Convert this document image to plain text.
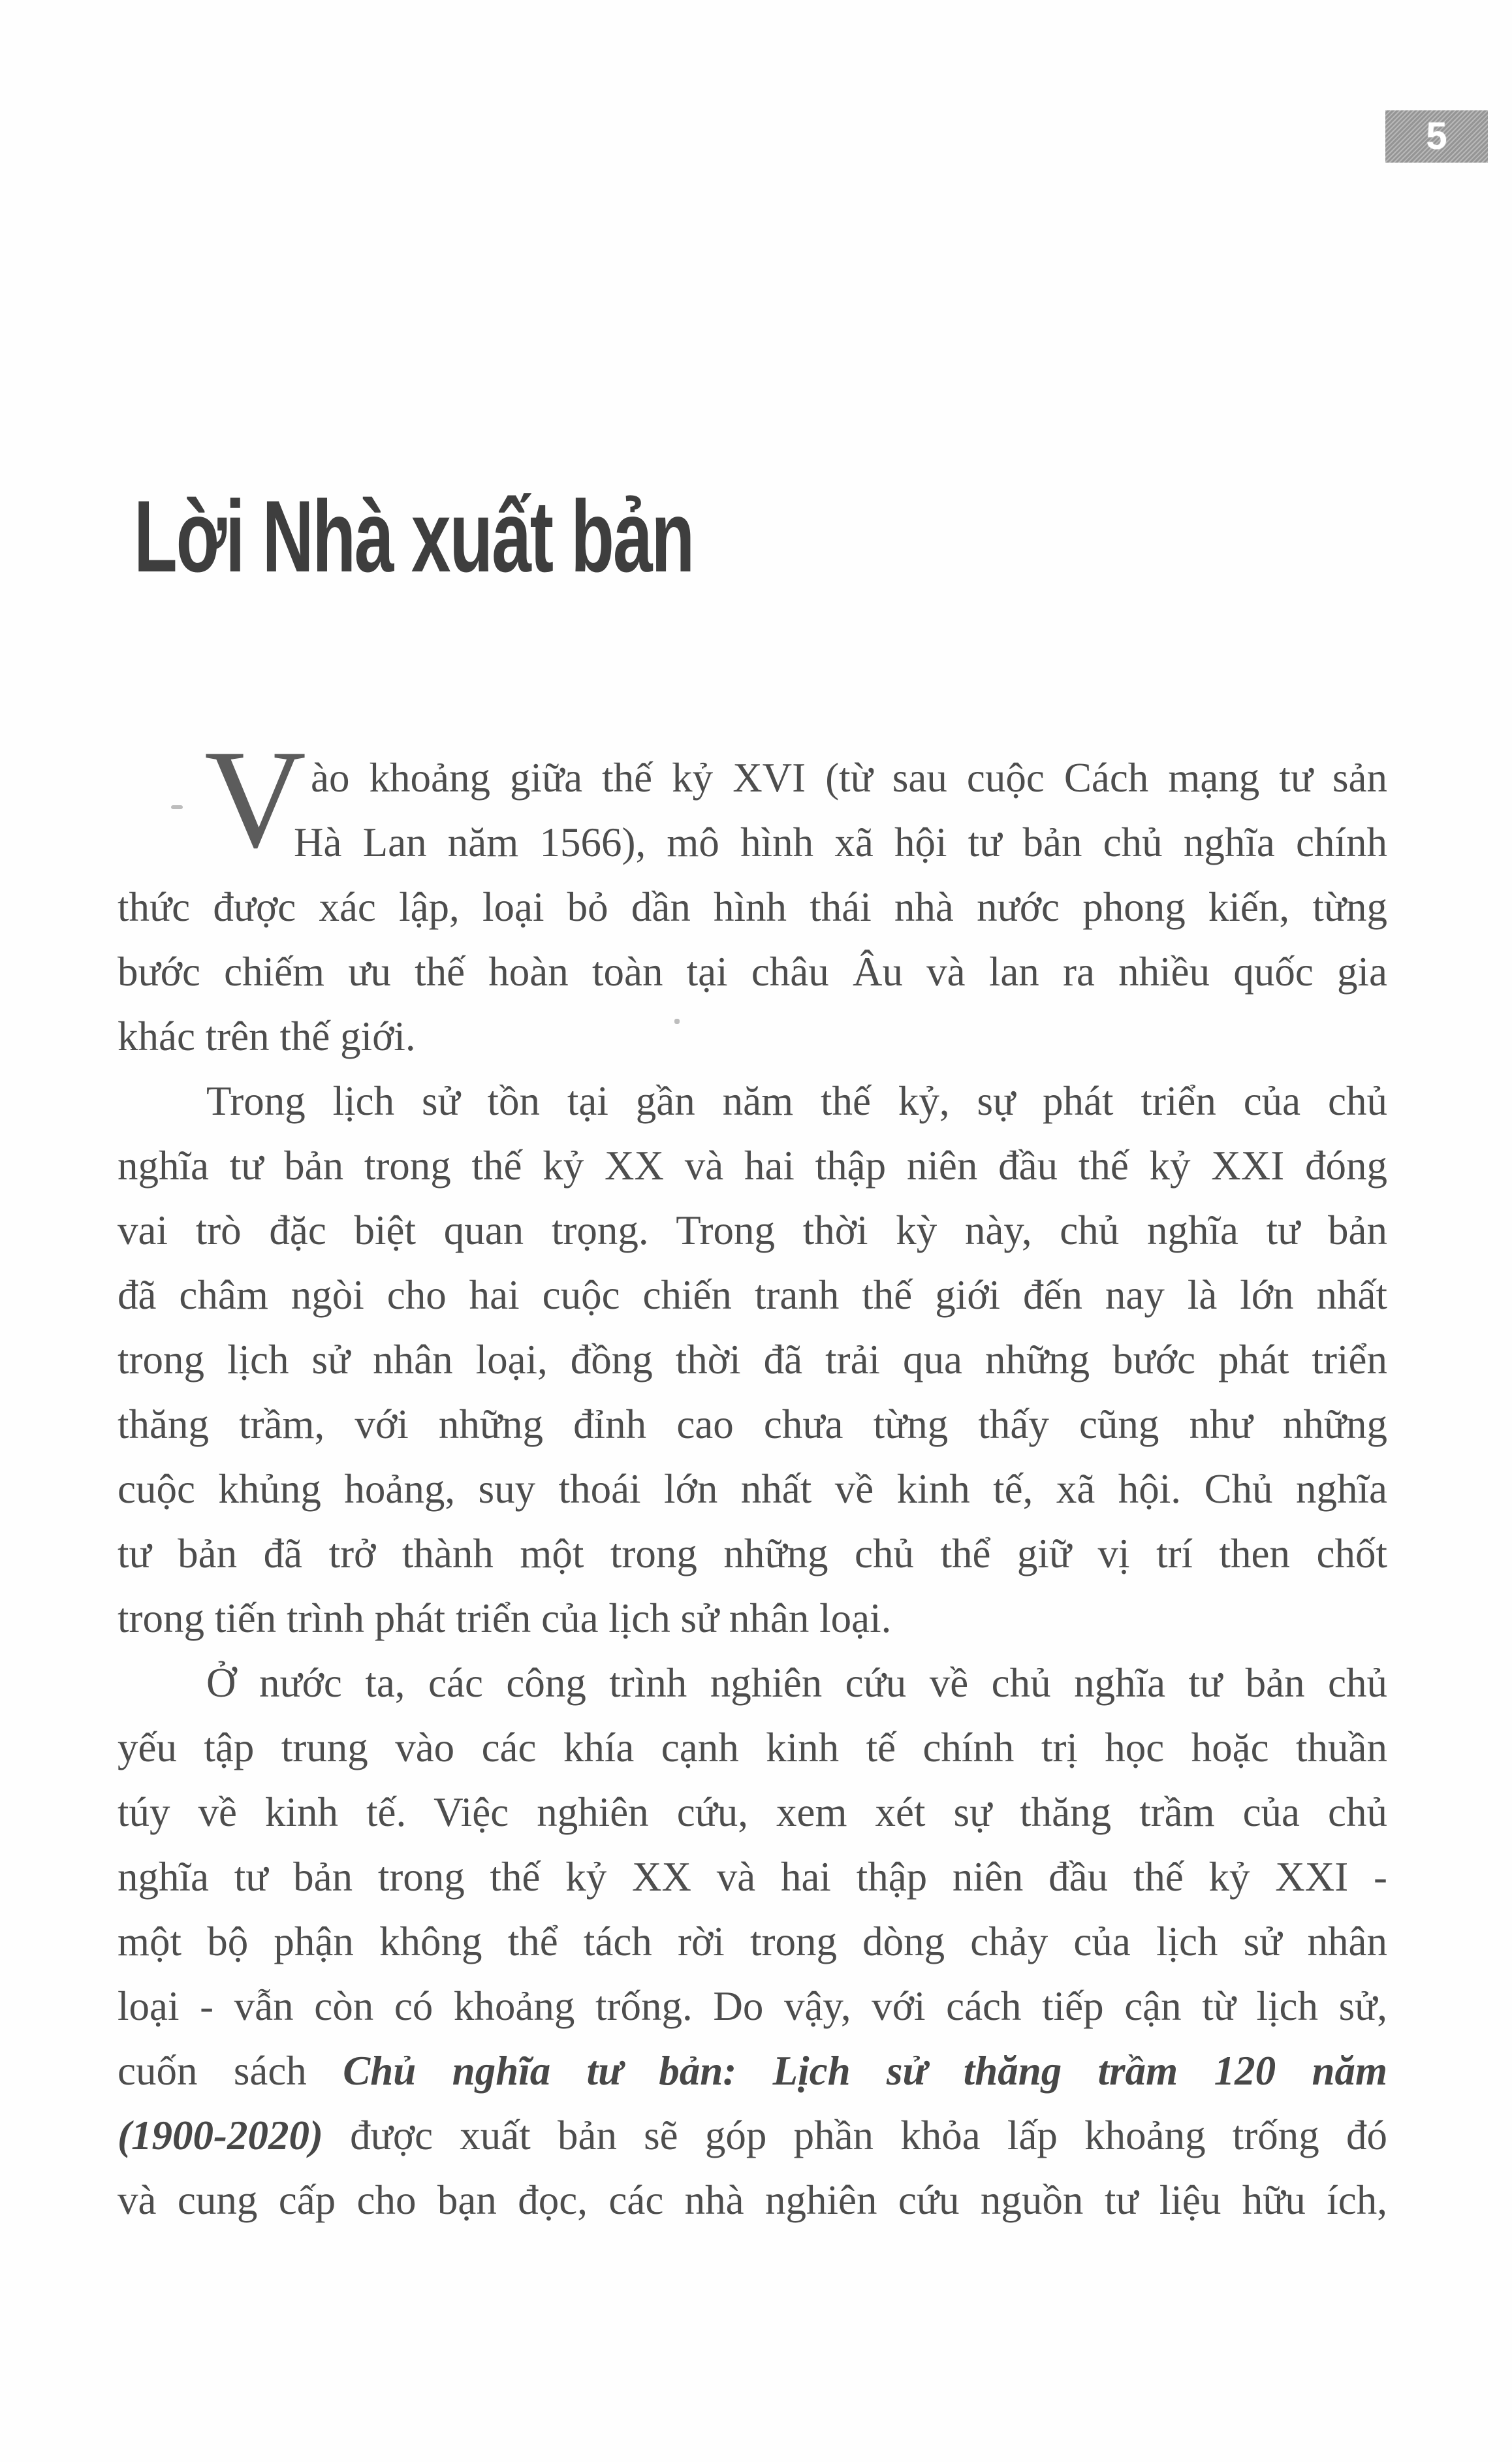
5
Lời Nhà xuất bản
V ào khoảng giữa thế kỷ XVI (từ sau cuộc Cách mạng tư sản
Hà Lan năm 1566), mô hình xã hội tư bản chủ nghĩa chính
thức được xác lập, loại bỏ dần hình thái nhà nước phong kiến, từng
bước chiếm ưu thế hoàn toàn tại châu Âu và lan ra nhiều quốc gia
khác trên thế giới.
Trong lịch sử tồn tại gần năm thế kỷ, sự phát triển của chủ
nghĩa tư bản trong thế kỷ XX và hai thập niên đầu thế kỷ XXI đóng
vai trò đặc biệt quan trọng. Trong thời kỳ này, chủ nghĩa tư bản
đã châm ngòi cho hai cuộc chiến tranh thế giới đến nay là lớn nhất
trong lịch sử nhân loại, đồng thời đã trải qua những bước phát triển
thăng trầm, với những đỉnh cao chưa từng thấy cũng như những
cuộc khủng hoảng, suy thoái lớn nhất về kinh tế, xã hội. Chủ nghĩa
tư bản đã trở thành một trong những chủ thể giữ vị trí then chốt
trong tiến trình phát triển của lịch sử nhân loại.
Ở nước ta, các công trình nghiên cứu về chủ nghĩa tư bản chủ
yếu tập trung vào các khía cạnh kinh tế chính trị học hoặc thuần
túy về kinh tế. Việc nghiên cứu, xem xét sự thăng trầm của chủ
nghĩa tư bản trong thế kỷ XX và hai thập niên đầu thế kỷ XXI -
một bộ phận không thể tách rời trong dòng chảy của lịch sử nhân
loại - vẫn còn có khoảng trống. Do vậy, với cách tiếp cận từ lịch sử,
cuốn sách Chủ nghĩa tư bản: Lịch sử thăng trầm 120 năm
(1900-2020) được xuất bản sẽ góp phần khỏa lấp khoảng trống đó
và cung cấp cho bạn đọc, các nhà nghiên cứu nguồn tư liệu hữu ích,
